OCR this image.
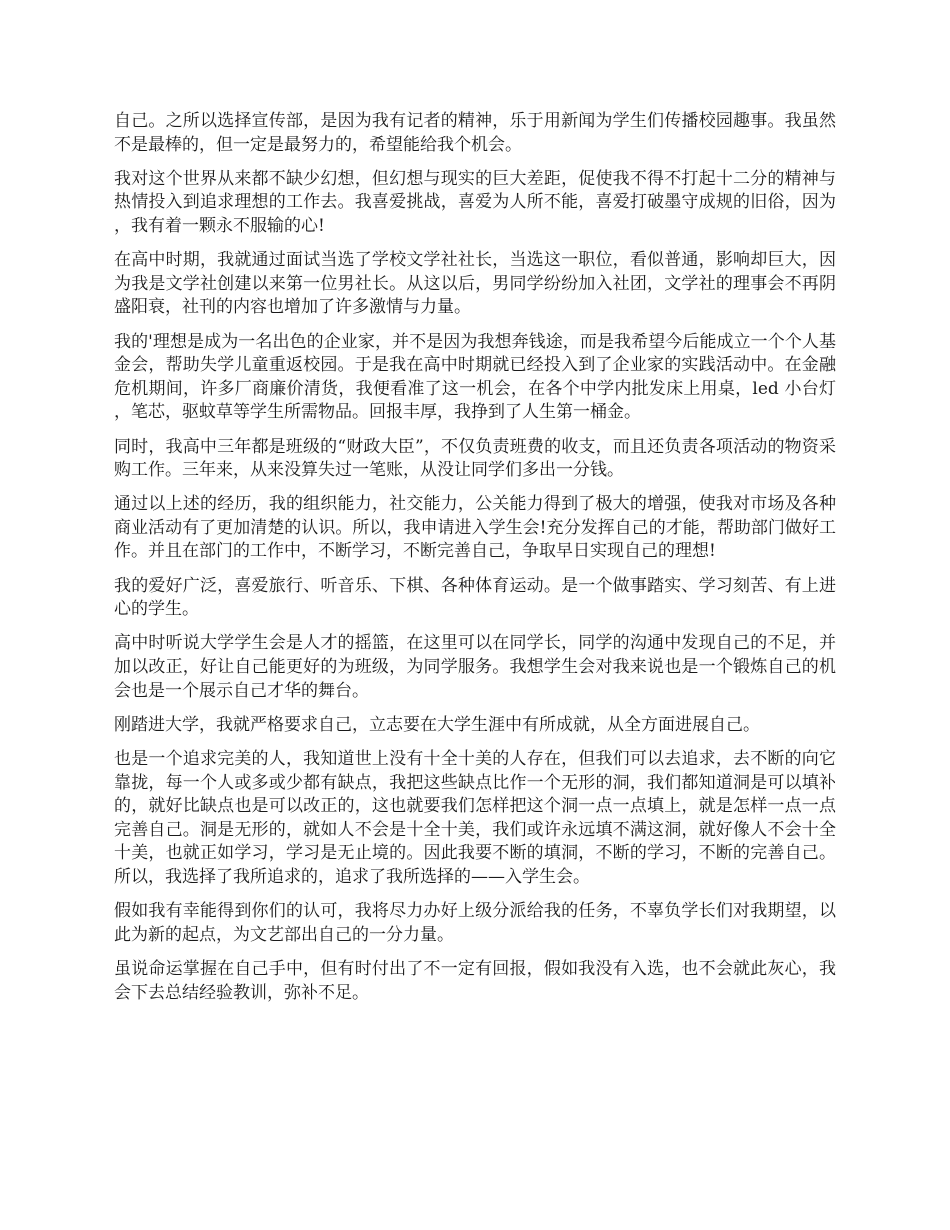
自己。之所以选择宣传部，是因为我有记者的精神，乐于用新闻为学生们传播校园趣事。我虽然不是最棒的，但一定是最努力的，希望能给我个机会。

我对这个世界从来都不缺少幻想，但幻想与现实的巨大差距，促使我不得不打起十二分的精神与热情投入到追求理想的工作去。我喜爱挑战，喜爱为人所不能，喜爱打破墨守成规的旧俗，因为，我有着一颗永不服输的心!

在高中时期，我就通过面试当选了学校文学社社长，当选这一职位，看似普通，影响却巨大，因为我是文学社创建以来第一位男社长。从这以后，男同学纷纷加入社团，文学社的理事会不再阴盛阳衰，社刊的内容也增加了许多激情与力量。

我的'理想是成为一名出色的企业家，并不是因为我想奔钱途，而是我希望今后能成立一个个人基金会，帮助失学儿童重返校园。于是我在高中时期就已经投入到了企业家的实践活动中。在金融危机期间，许多厂商廉价清货，我便看准了这一机会，在各个中学内批发床上用桌，led 小台灯，笔芯，驱蚊草等学生所需物品。回报丰厚，我挣到了人生第一桶金。

同时，我高中三年都是班级的“财政大臣”，不仅负责班费的收支，而且还负责各项活动的物资采购工作。三年来，从来没算失过一笔账，从没让同学们多出一分钱。

通过以上述的经历，我的组织能力，社交能力，公关能力得到了极大的增强，使我对市场及各种商业活动有了更加清楚的认识。所以，我申请进入学生会!充分发挥自己的才能，帮助部门做好工作。并且在部门的工作中，不断学习，不断完善自己，争取早日实现自己的理想!

我的爱好广泛，喜爱旅行、听音乐、下棋、各种体育运动。是一个做事踏实、学习刻苦、有上进心的学生。

高中时听说大学学生会是人才的摇篮，在这里可以在同学长，同学的沟通中发现自己的不足，并加以改正，好让自己能更好的为班级，为同学服务。我想学生会对我来说也是一个锻炼自己的机会也是一个展示自己才华的舞台。

刚踏进大学，我就严格要求自己，立志要在大学生涯中有所成就，从全方面进展自己。

也是一个追求完美的人，我知道世上没有十全十美的人存在，但我们可以去追求，去不断的向它靠拢，每一个人或多或少都有缺点，我把这些缺点比作一个无形的洞，我们都知道洞是可以填补的，就好比缺点也是可以改正的，这也就要我们怎样把这个洞一点一点填上，就是怎样一点一点完善自己。洞是无形的，就如人不会是十全十美，我们或许永远填不满这洞，就好像人不会十全十美，也就正如学习，学习是无止境的。因此我要不断的填洞，不断的学习，不断的完善自己。所以，我选择了我所追求的，追求了我所选择的——入学生会。

假如我有幸能得到你们的认可，我将尽力办好上级分派给我的任务，不辜负学长们对我期望，以此为新的起点，为文艺部出自己的一分力量。

虽说命运掌握在自己手中，但有时付出了不一定有回报，假如我没有入选，也不会就此灰心，我会下去总结经验教训，弥补不足。
